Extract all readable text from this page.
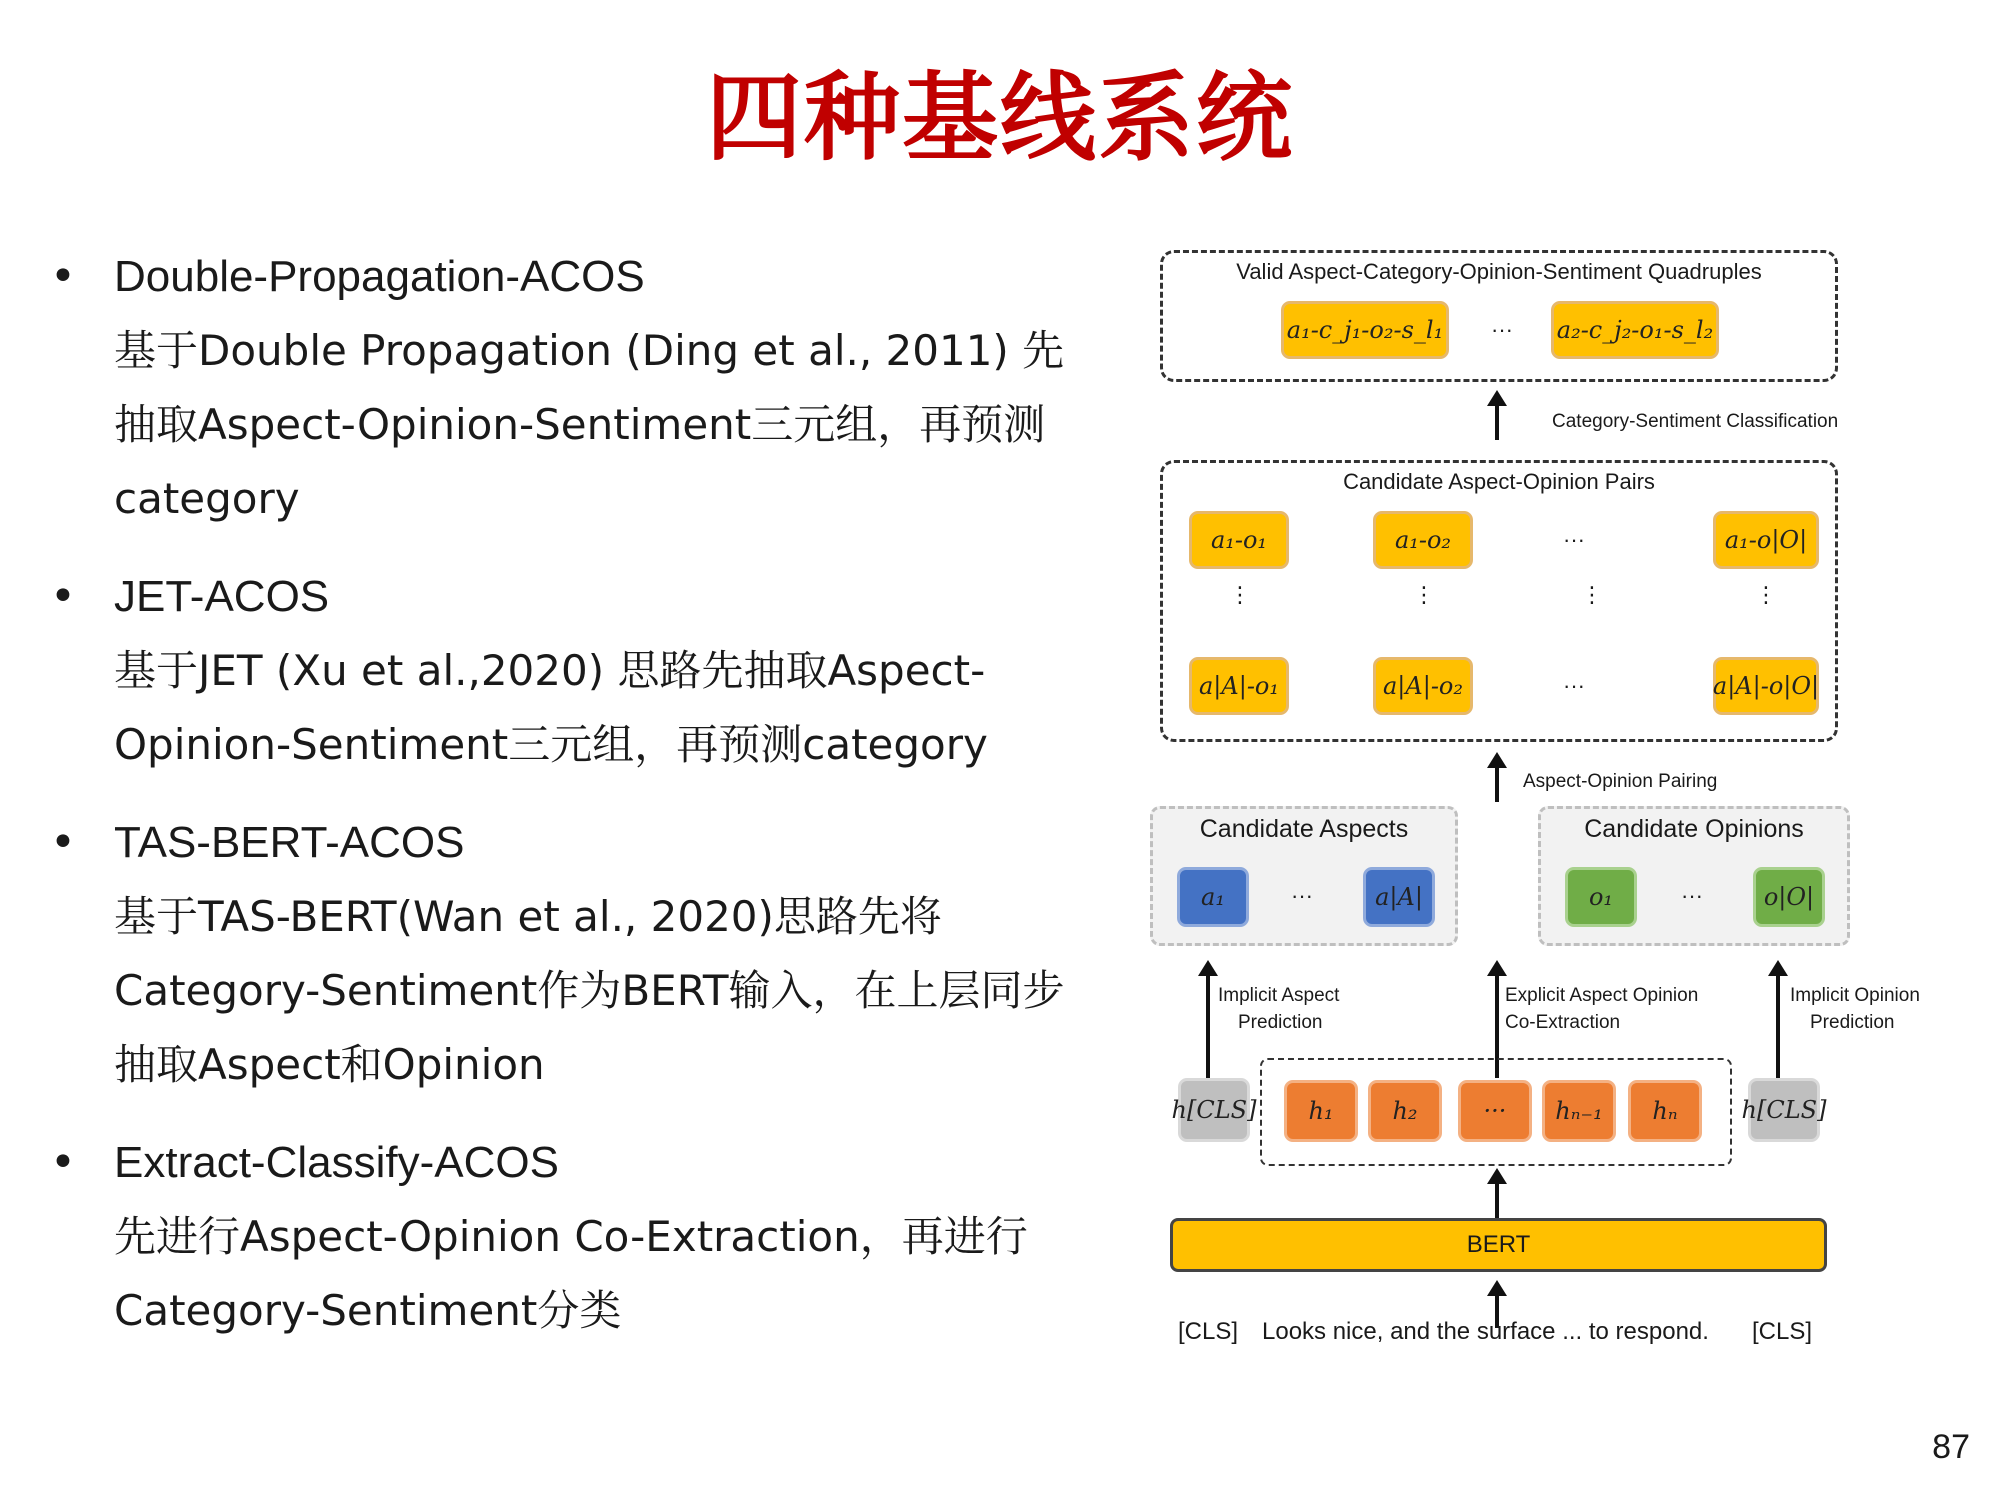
四种基线系统
• Double-Propagation-ACOS
基于Double Propagation (Ding et al., 2011) 先抽取Aspect-Opinion-Sentiment三元组，再预测category
• JET-ACOS
基于JET (Xu et al.,2020) 思路先抽取Aspect-Opinion-Sentiment三元组，再预测category
• TAS-BERT-ACOS
基于TAS-BERT(Wan et al., 2020)思路先将Category-Sentiment作为BERT输入，在上层同步抽取Aspect和Opinion
• Extract-Classify-ACOS
先进行Aspect-Opinion Co-Extraction，再进行Category-Sentiment分类
Valid Aspect-Category-Opinion-Sentiment Quadruples
a₁-c_j₁-o₂-s_l₁ ··· a₂-c_j₂-o₁-s_l₂
Category-Sentiment Classification
Candidate Aspect-Opinion Pairs
a₁-o₁	a₁-o₂	···	a₁-o|O|
⋮	⋮	⋮	⋮
a|A|-o₁	a|A|-o₂	···	a|A|-o|O|
Aspect-Opinion Pairing
Candidate Aspects
a₁	···	a|A|
Candidate Opinions
o₁	···	o|O|
Implicit Aspect
Prediction
Explicit Aspect Opinion
Co-Extraction
Implicit Opinion
Prediction
h[CLS]	h₁	h₂	···	hₙ₋₁	hₙ	h[CLS]
BERT
[CLS] Looks nice, and the surface ... to respond. [CLS]
87
